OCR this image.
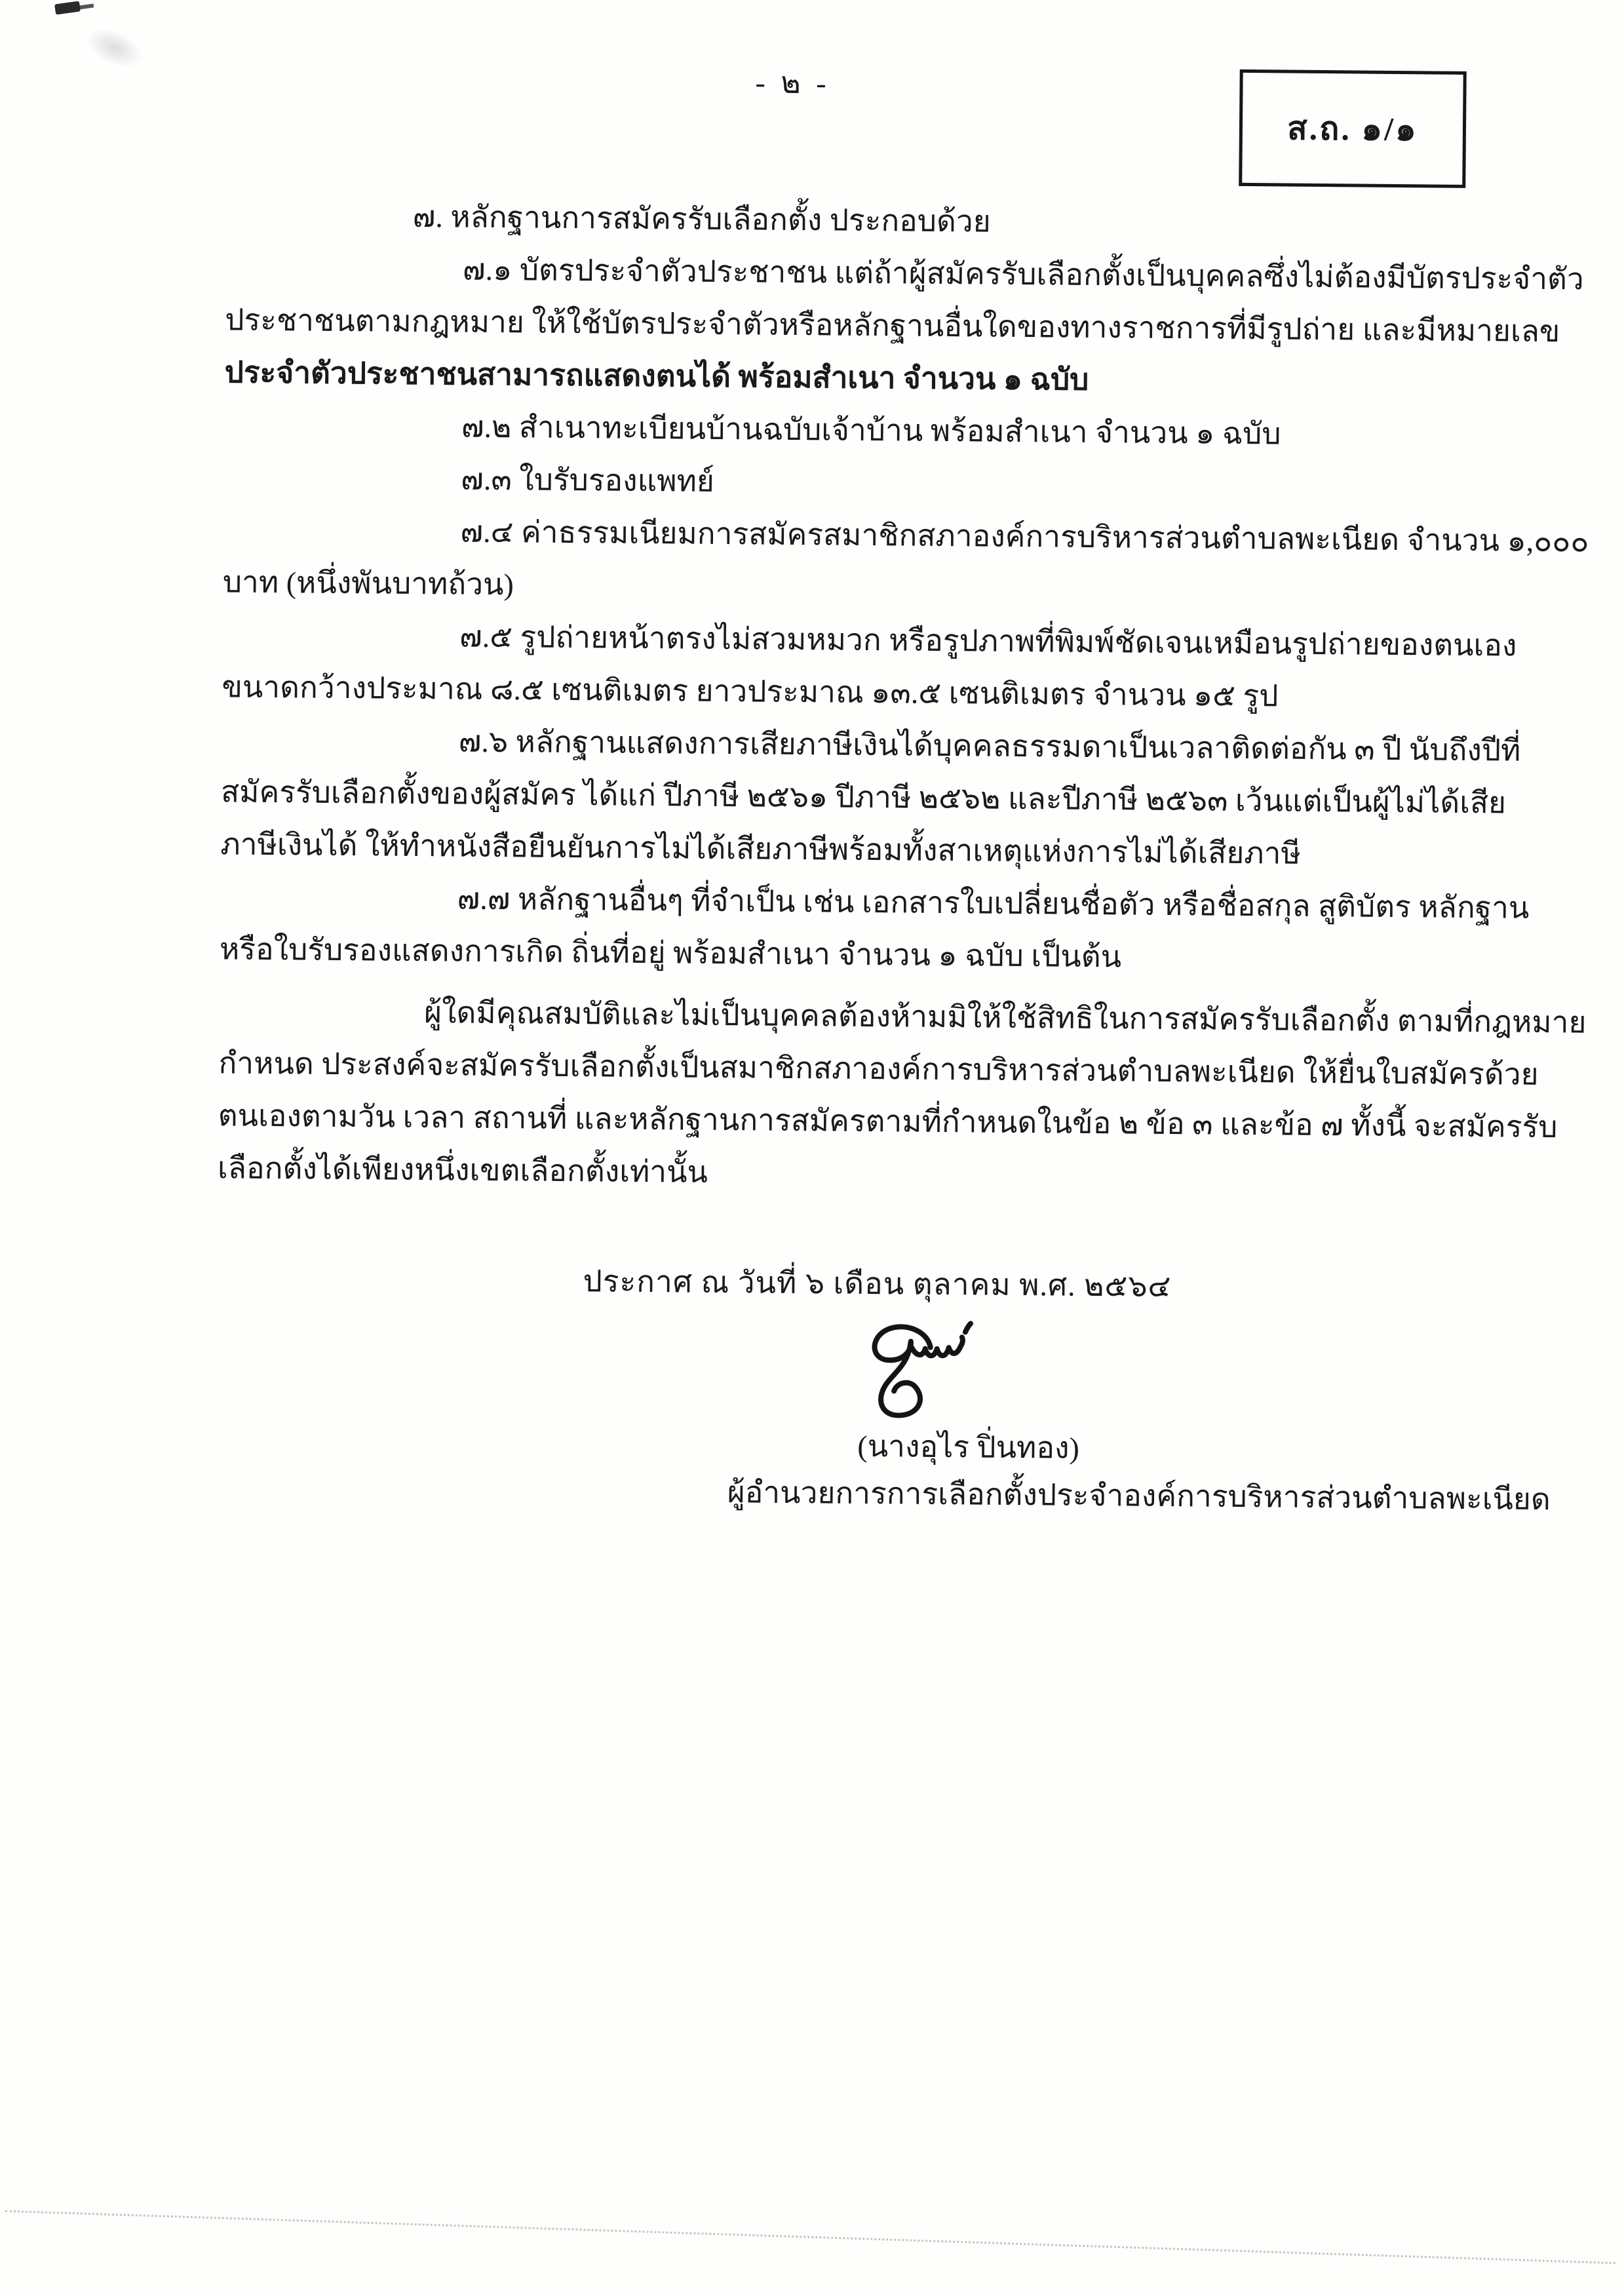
- ๒ -
ส.ถ. ๑/๑
๗. หลักฐานการสมัครรับเลือกตั้ง ประกอบด้วย
๗.๑ บัตรประจำตัวประชาชน แต่ถ้าผู้สมัครรับเลือกตั้งเป็นบุคคลซึ่งไม่ต้องมีบัตรประจำตัว
ประชาชนตามกฎหมาย ให้ใช้บัตรประจำตัวหรือหลักฐานอื่นใดของทางราชการที่มีรูปถ่าย และมีหมายเลข
ประจำตัวประชาชนสามารถแสดงตนได้ พร้อมสำเนา จำนวน ๑ ฉบับ
๗.๒ สำเนาทะเบียนบ้านฉบับเจ้าบ้าน พร้อมสำเนา จำนวน ๑ ฉบับ
๗.๓ ใบรับรองแพทย์
๗.๔ ค่าธรรมเนียมการสมัครสมาชิกสภาองค์การบริหารส่วนตำบลพะเนียด จำนวน ๑,๐๐๐
บาท (หนึ่งพันบาทถ้วน)
๗.๕ รูปถ่ายหน้าตรงไม่สวมหมวก หรือรูปภาพที่พิมพ์ชัดเจนเหมือนรูปถ่ายของตนเอง
ขนาดกว้างประมาณ ๘.๕ เซนติเมตร ยาวประมาณ ๑๓.๕ เซนติเมตร จำนวน ๑๕ รูป
๗.๖ หลักฐานแสดงการเสียภาษีเงินได้บุคคลธรรมดาเป็นเวลาติดต่อกัน ๓ ปี นับถึงปีที่
สมัครรับเลือกตั้งของผู้สมัคร ได้แก่ ปีภาษี ๒๕๖๑ ปีภาษี ๒๕๖๒ และปีภาษี ๒๕๖๓ เว้นแต่เป็นผู้ไม่ได้เสีย
ภาษีเงินได้ ให้ทำหนังสือยืนยันการไม่ได้เสียภาษีพร้อมทั้งสาเหตุแห่งการไม่ได้เสียภาษี
๗.๗ หลักฐานอื่นๆ ที่จำเป็น เช่น เอกสารใบเปลี่ยนชื่อตัว หรือชื่อสกุล สูติบัตร หลักฐาน
หรือใบรับรองแสดงการเกิด ถิ่นที่อยู่ พร้อมสำเนา จำนวน ๑ ฉบับ เป็นต้น
ผู้ใดมีคุณสมบัติและไม่เป็นบุคคลต้องห้ามมิให้ใช้สิทธิในการสมัครรับเลือกตั้ง ตามที่กฎหมาย
กำหนด ประสงค์จะสมัครรับเลือกตั้งเป็นสมาชิกสภาองค์การบริหารส่วนตำบลพะเนียด ให้ยื่นใบสมัครด้วย
ตนเองตามวัน เวลา สถานที่ และหลักฐานการสมัครตามที่กำหนดในข้อ ๒ ข้อ ๓ และข้อ ๗ ทั้งนี้ จะสมัครรับ
เลือกตั้งได้เพียงหนึ่งเขตเลือกตั้งเท่านั้น
ประกาศ ณ วันที่ ๖ เดือน ตุลาคม พ.ศ. ๒๕๖๔
(นางอุไร ปิ่นทอง)
ผู้อำนวยการการเลือกตั้งประจำองค์การบริหารส่วนตำบลพะเนียด
